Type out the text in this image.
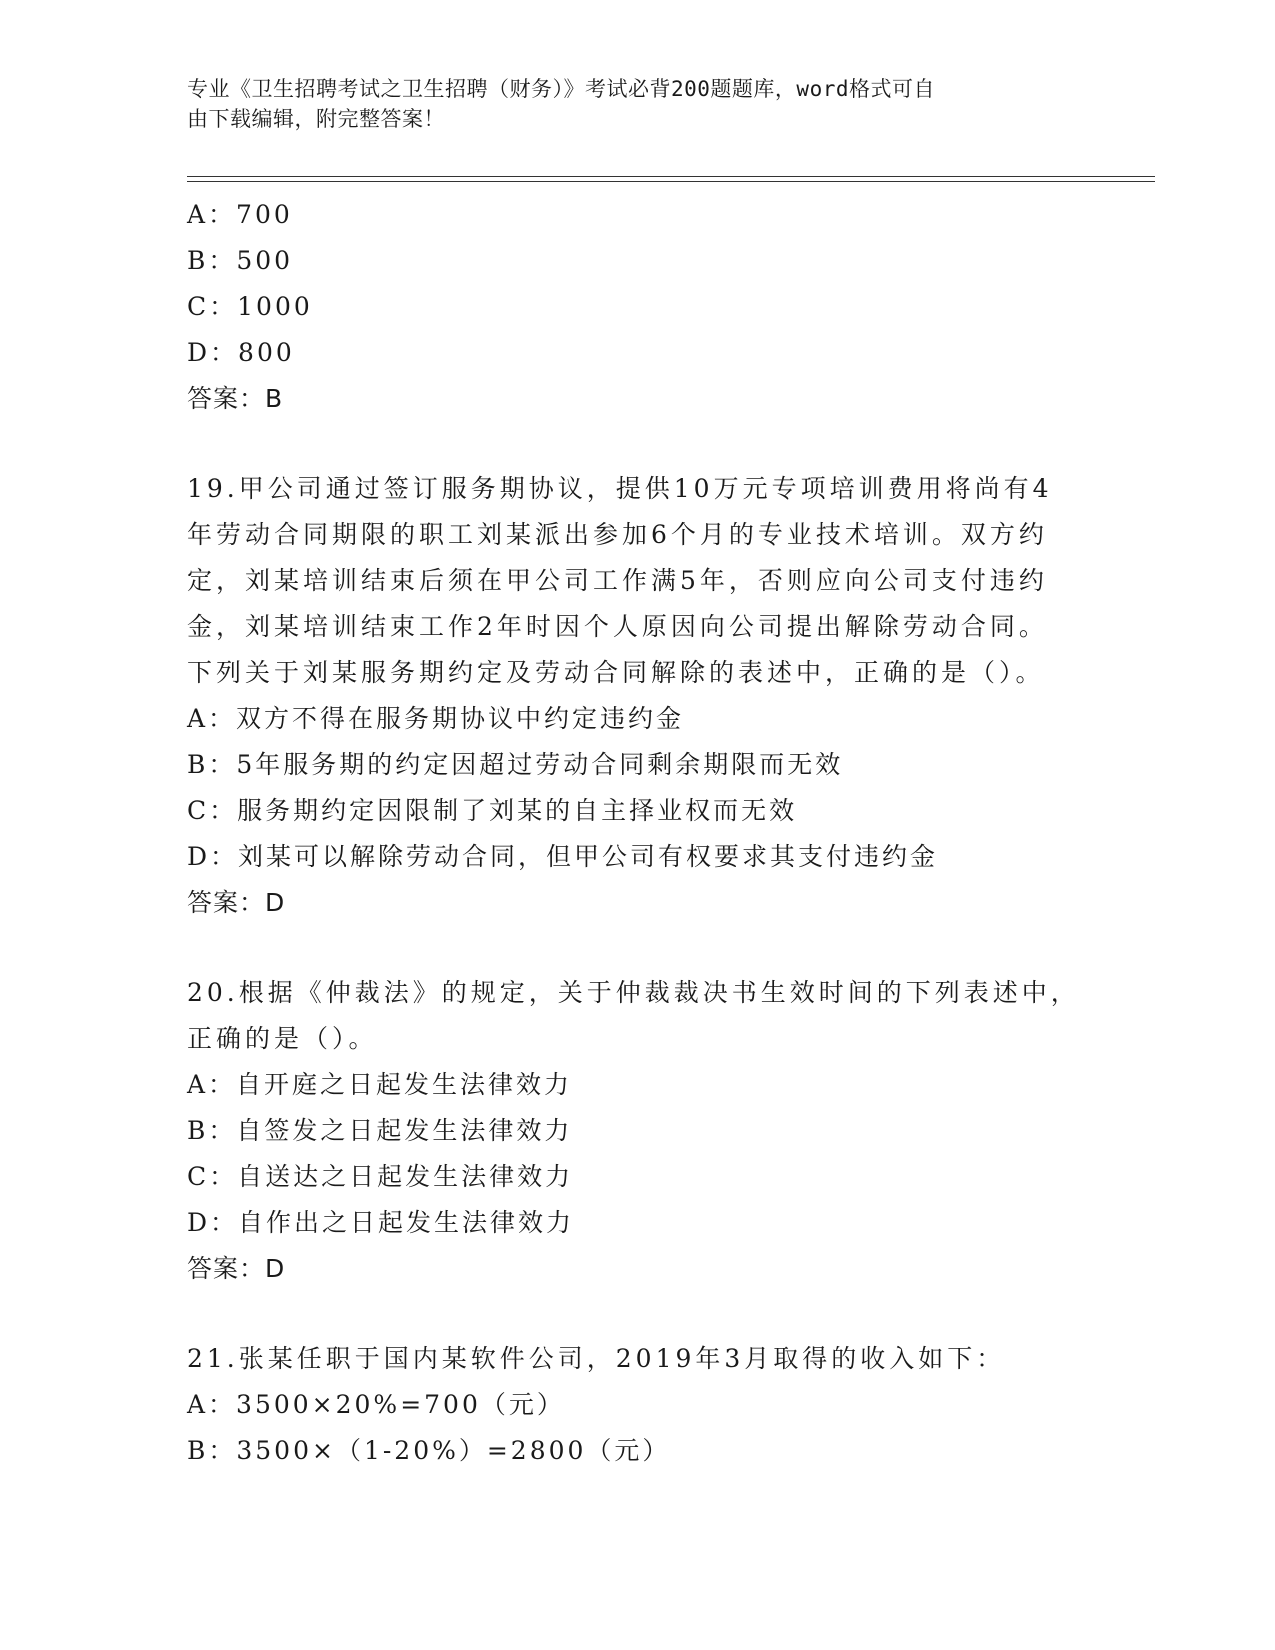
专业《卫生招聘考试之卫生招聘（财务）》考试必背200题题库，word格式可自
由下载编辑，附完整答案！
A：700
B：500
C：1000
D：800
答案：B
19.甲公司通过签订服务期协议，提供10万元专项培训费用将尚有4
年劳动合同期限的职工刘某派出参加6个月的专业技术培训。双方约
定，刘某培训结束后须在甲公司工作满5年，否则应向公司支付违约
金，刘某培训结束工作2年时因个人原因向公司提出解除劳动合同。
下列关于刘某服务期约定及劳动合同解除的表述中，正确的是（）。
A：双方不得在服务期协议中约定违约金
B：5年服务期的约定因超过劳动合同剩余期限而无效
C：服务期约定因限制了刘某的自主择业权而无效
D：刘某可以解除劳动合同，但甲公司有权要求其支付违约金
答案：D
20.根据《仲裁法》的规定，关于仲裁裁决书生效时间的下列表述中，
正确的是（）。
A：自开庭之日起发生法律效力
B：自签发之日起发生法律效力
C：自送达之日起发生法律效力
D：自作出之日起发生法律效力
答案：D
21.张某任职于国内某软件公司，2019年3月取得的收入如下：
A：3500×20%=700（元）
B：3500×（1-20%）=2800（元）
